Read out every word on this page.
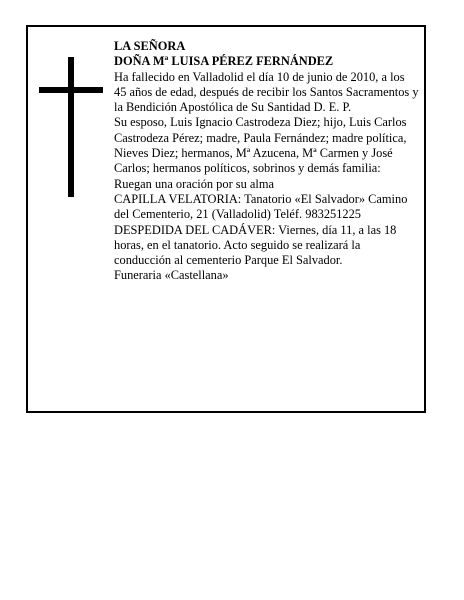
LA SEÑORA
DOÑA Mª LUISA PÉREZ FERNÁNDEZ
Ha fallecido en Valladolid el día 10 de junio de 2010, a los 45 años de edad, después de recibir los Santos Sacramentos y la Bendición Apostólica de Su Santidad D. E. P.
Su esposo, Luis Ignacio Castrodeza Diez; hijo, Luis Carlos Castrodeza Pérez; madre, Paula Fernández; madre política, Nieves Diez; hermanos, Mª Azucena, Mª Carmen y José Carlos; hermanos políticos, sobrinos y demás familia:
Ruegan una oración por su alma
CAPILLA VELATORIA: Tanatorio «El Salvador» Camino del Cementerio, 21 (Valladolid) Teléf. 983251225
DESPEDIDA DEL CADÁVER: Viernes, día 11, a las 18 horas, en el tanatorio. Acto seguido se realizará la conducción al cementerio Parque El Salvador.
Funeraria «Castellana»
